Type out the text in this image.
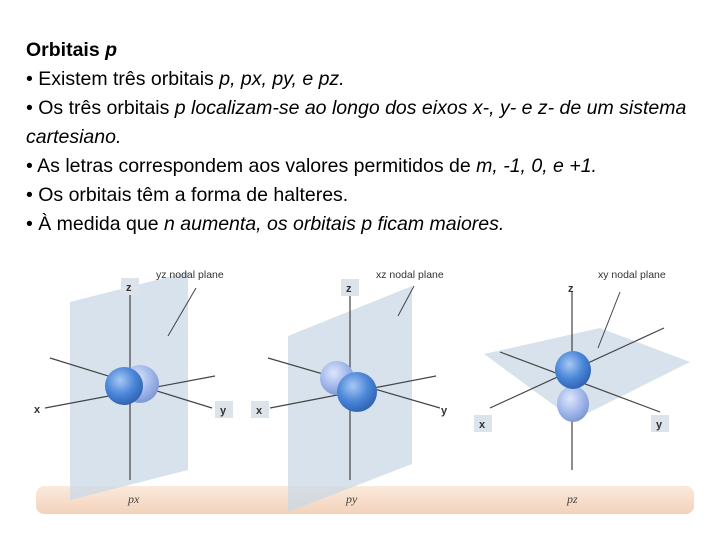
Orbitais p

• Existem três orbitais p, px, py, e pz.

• Os três orbitais p localizam-se ao longo dos eixos x-, y- e z- de um sistema cartesiano.

• As letras correspondem aos valores permitidos de m, -1, 0, e +1.

• Os orbitais têm a forma de halteres.

• À medida que n aumenta, os orbitais p ficam maiores.

yz nodal plane
z
x	y
px
xz nodal plane
z
x	y
py
xy nodal plane
z
x	y
pz
